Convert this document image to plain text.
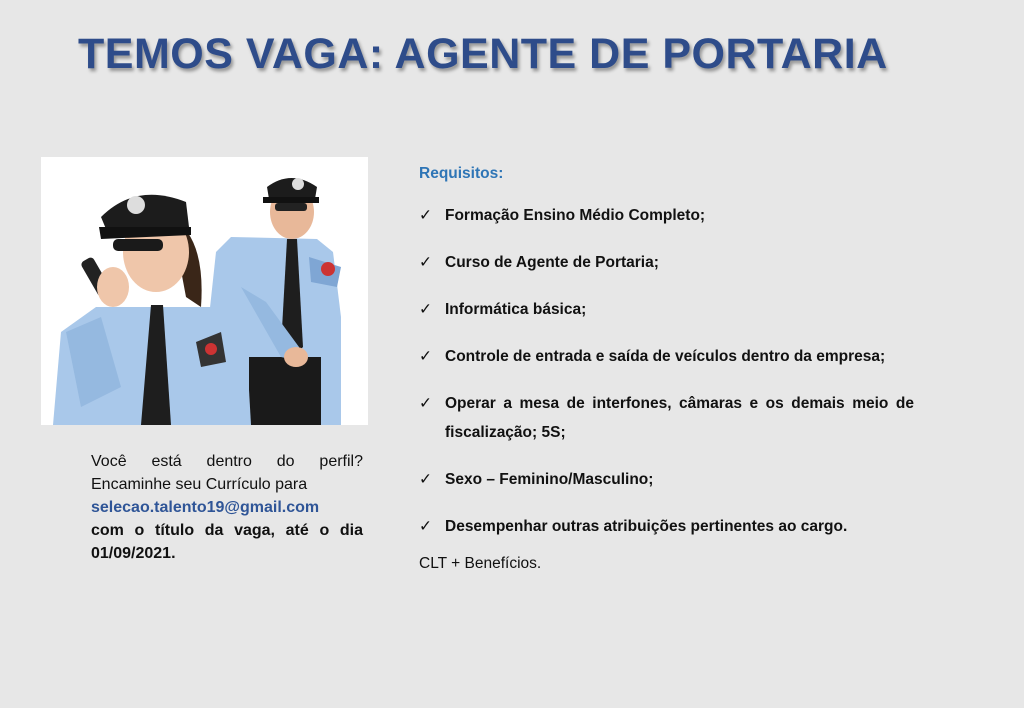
TEMOS VAGA: AGENTE DE PORTARIA
Você está dentro do perfil? Encaminhe seu Currículo para
selecao.talento19@gmail.com
com o título da vaga, até o dia 01/09/2021.
Requisitos:
✓ Formação Ensino Médio Completo;
✓ Curso de Agente de Portaria;
✓ Informática básica;
✓ Controle de entrada e saída de veículos dentro da empresa;
✓ Operar a mesa de interfones, câmaras e os demais meio de fiscalização; 5S;
✓ Sexo – Feminino/Masculino;
✓ Desempenhar outras atribuições pertinentes ao cargo.
CLT + Benefícios.
